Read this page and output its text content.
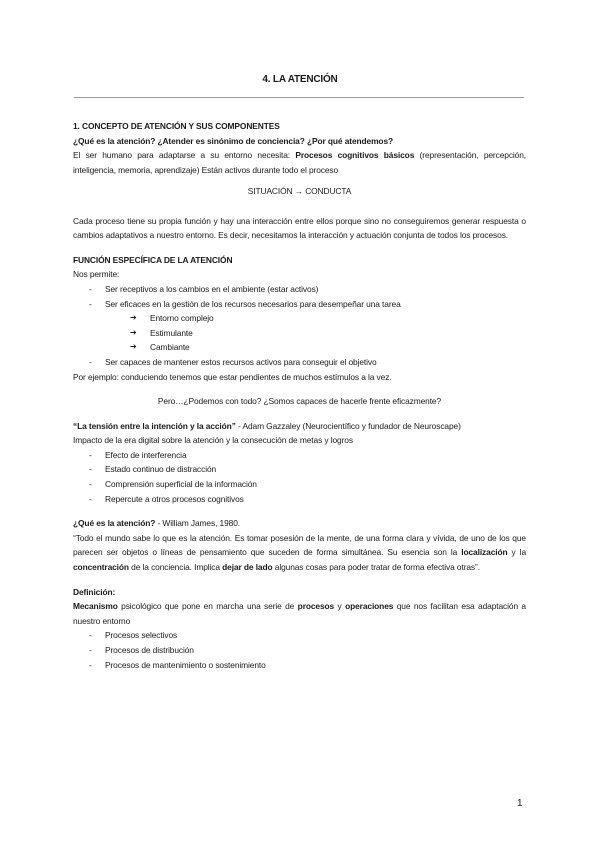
4. LA ATENCIÓN

1. CONCEPTO DE ATENCIÓN Y SUS COMPONENTES

¿Qué es la atención? ¿Atender es sinónimo de conciencia? ¿Por qué atendemos?

El ser humano para adaptarse a su entorno necesita: Procesos cognitivos básicos (representación, percepción, inteligencia, memoria, aprendizaje) Están activos durante todo el proceso

SITUACIÓN → CONDUCTA

Cada proceso tiene su propia función y hay una interacción entre ellos porque sino no conseguiremos generar respuesta o cambios adaptativos a nuestro entorno. Es decir, necesitamos la interacción y actuación conjunta de todos los procesos.

FUNCIÓN ESPECÍFICA DE LA ATENCIÓN

Nos permite:

- Ser receptivos a los cambios en el ambiente (estar activos)
- Ser eficaces en la gestión de los recursos necesarios para desempeñar una tarea
➔ Entorno complejo
➔ Estimulante
➔ Cambiante
- Ser capaces de mantener estos recursos activos para conseguir el objetivo

Por ejemplo: conduciendo tenemos que estar pendientes de muchos estímulos a la vez.

Pero…¿Podemos con todo? ¿Somos capaces de hacerle frente eficazmente?

“La tensión entre la intención y la acción” - Adam Gazzaley (Neurocientífico y fundador de Neuroscape)

Impacto de la era digital sobre la atención y la consecución de metas y logros

- Efecto de interferencia
- Estado continuo de distracción
- Comprensión superficial de la información
- Repercute a otros procesos cognitivos

¿Qué es la atención? - William James, 1980.

“Todo el mundo sabe lo que es la atención. Es tomar posesión de la mente, de una forma clara y vívida, de uno de los que parecen ser objetos o líneas de pensamiento que suceden de forma simultánea. Su esencia son la localización y la concentración de la conciencia. Implica dejar de lado algunas cosas para poder tratar de forma efectiva otras”.

Definición:

Mecanismo psicológico que pone en marcha una serie de procesos y operaciones que nos facilitan esa adaptación a nuestro entorno

- Procesos selectivos
- Procesos de distribución
- Procesos de mantenimiento o sostenimiento
1
